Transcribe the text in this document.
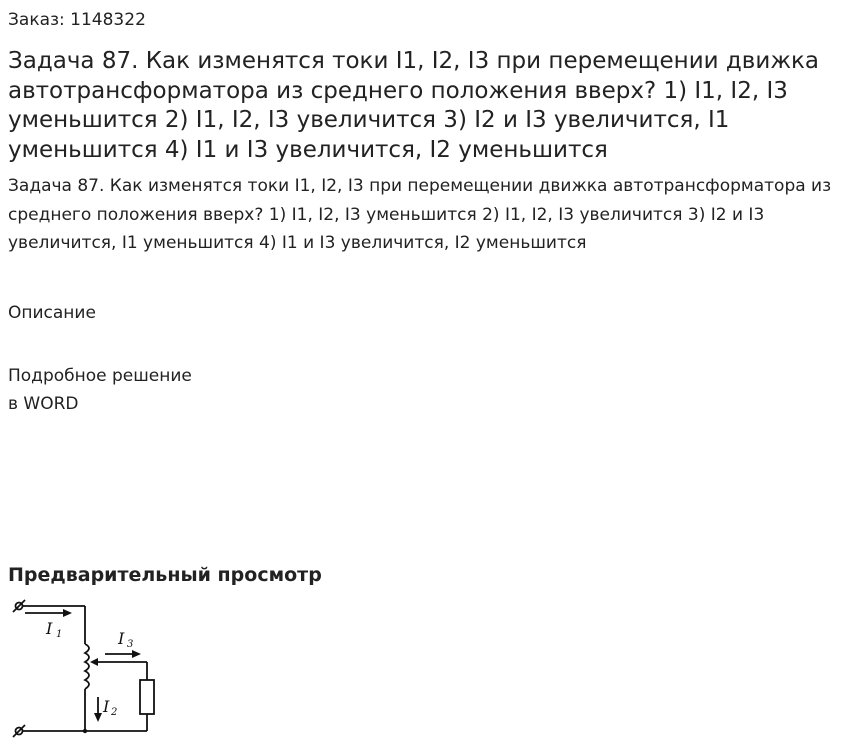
Заказ: 1148322
Задача 87. Как изменятся токи I1, I2, I3 при перемещении движка автотрансформатора из среднего положения вверх? 1) I1, I2, I3 уменьшится 2) I1, I2, I3 увеличится 3) I2 и I3 увеличится, I1 уменьшится 4) I1 и I3 увеличится, I2 уменьшится

Задача 87. Как изменятся токи I1, I2, I3 при перемещении движка автотрансформатора из среднего положения вверх? 1) I1, I2, I3 уменьшится 2) I1, I2, I3 увеличится 3) I2 и I3 увеличится, I1 уменьшится 4) I1 и I3 увеличится, I2 уменьшится

Описание
Подробное решение
в WORD
Предварительный просмотр
I 1	I 3
I 2
